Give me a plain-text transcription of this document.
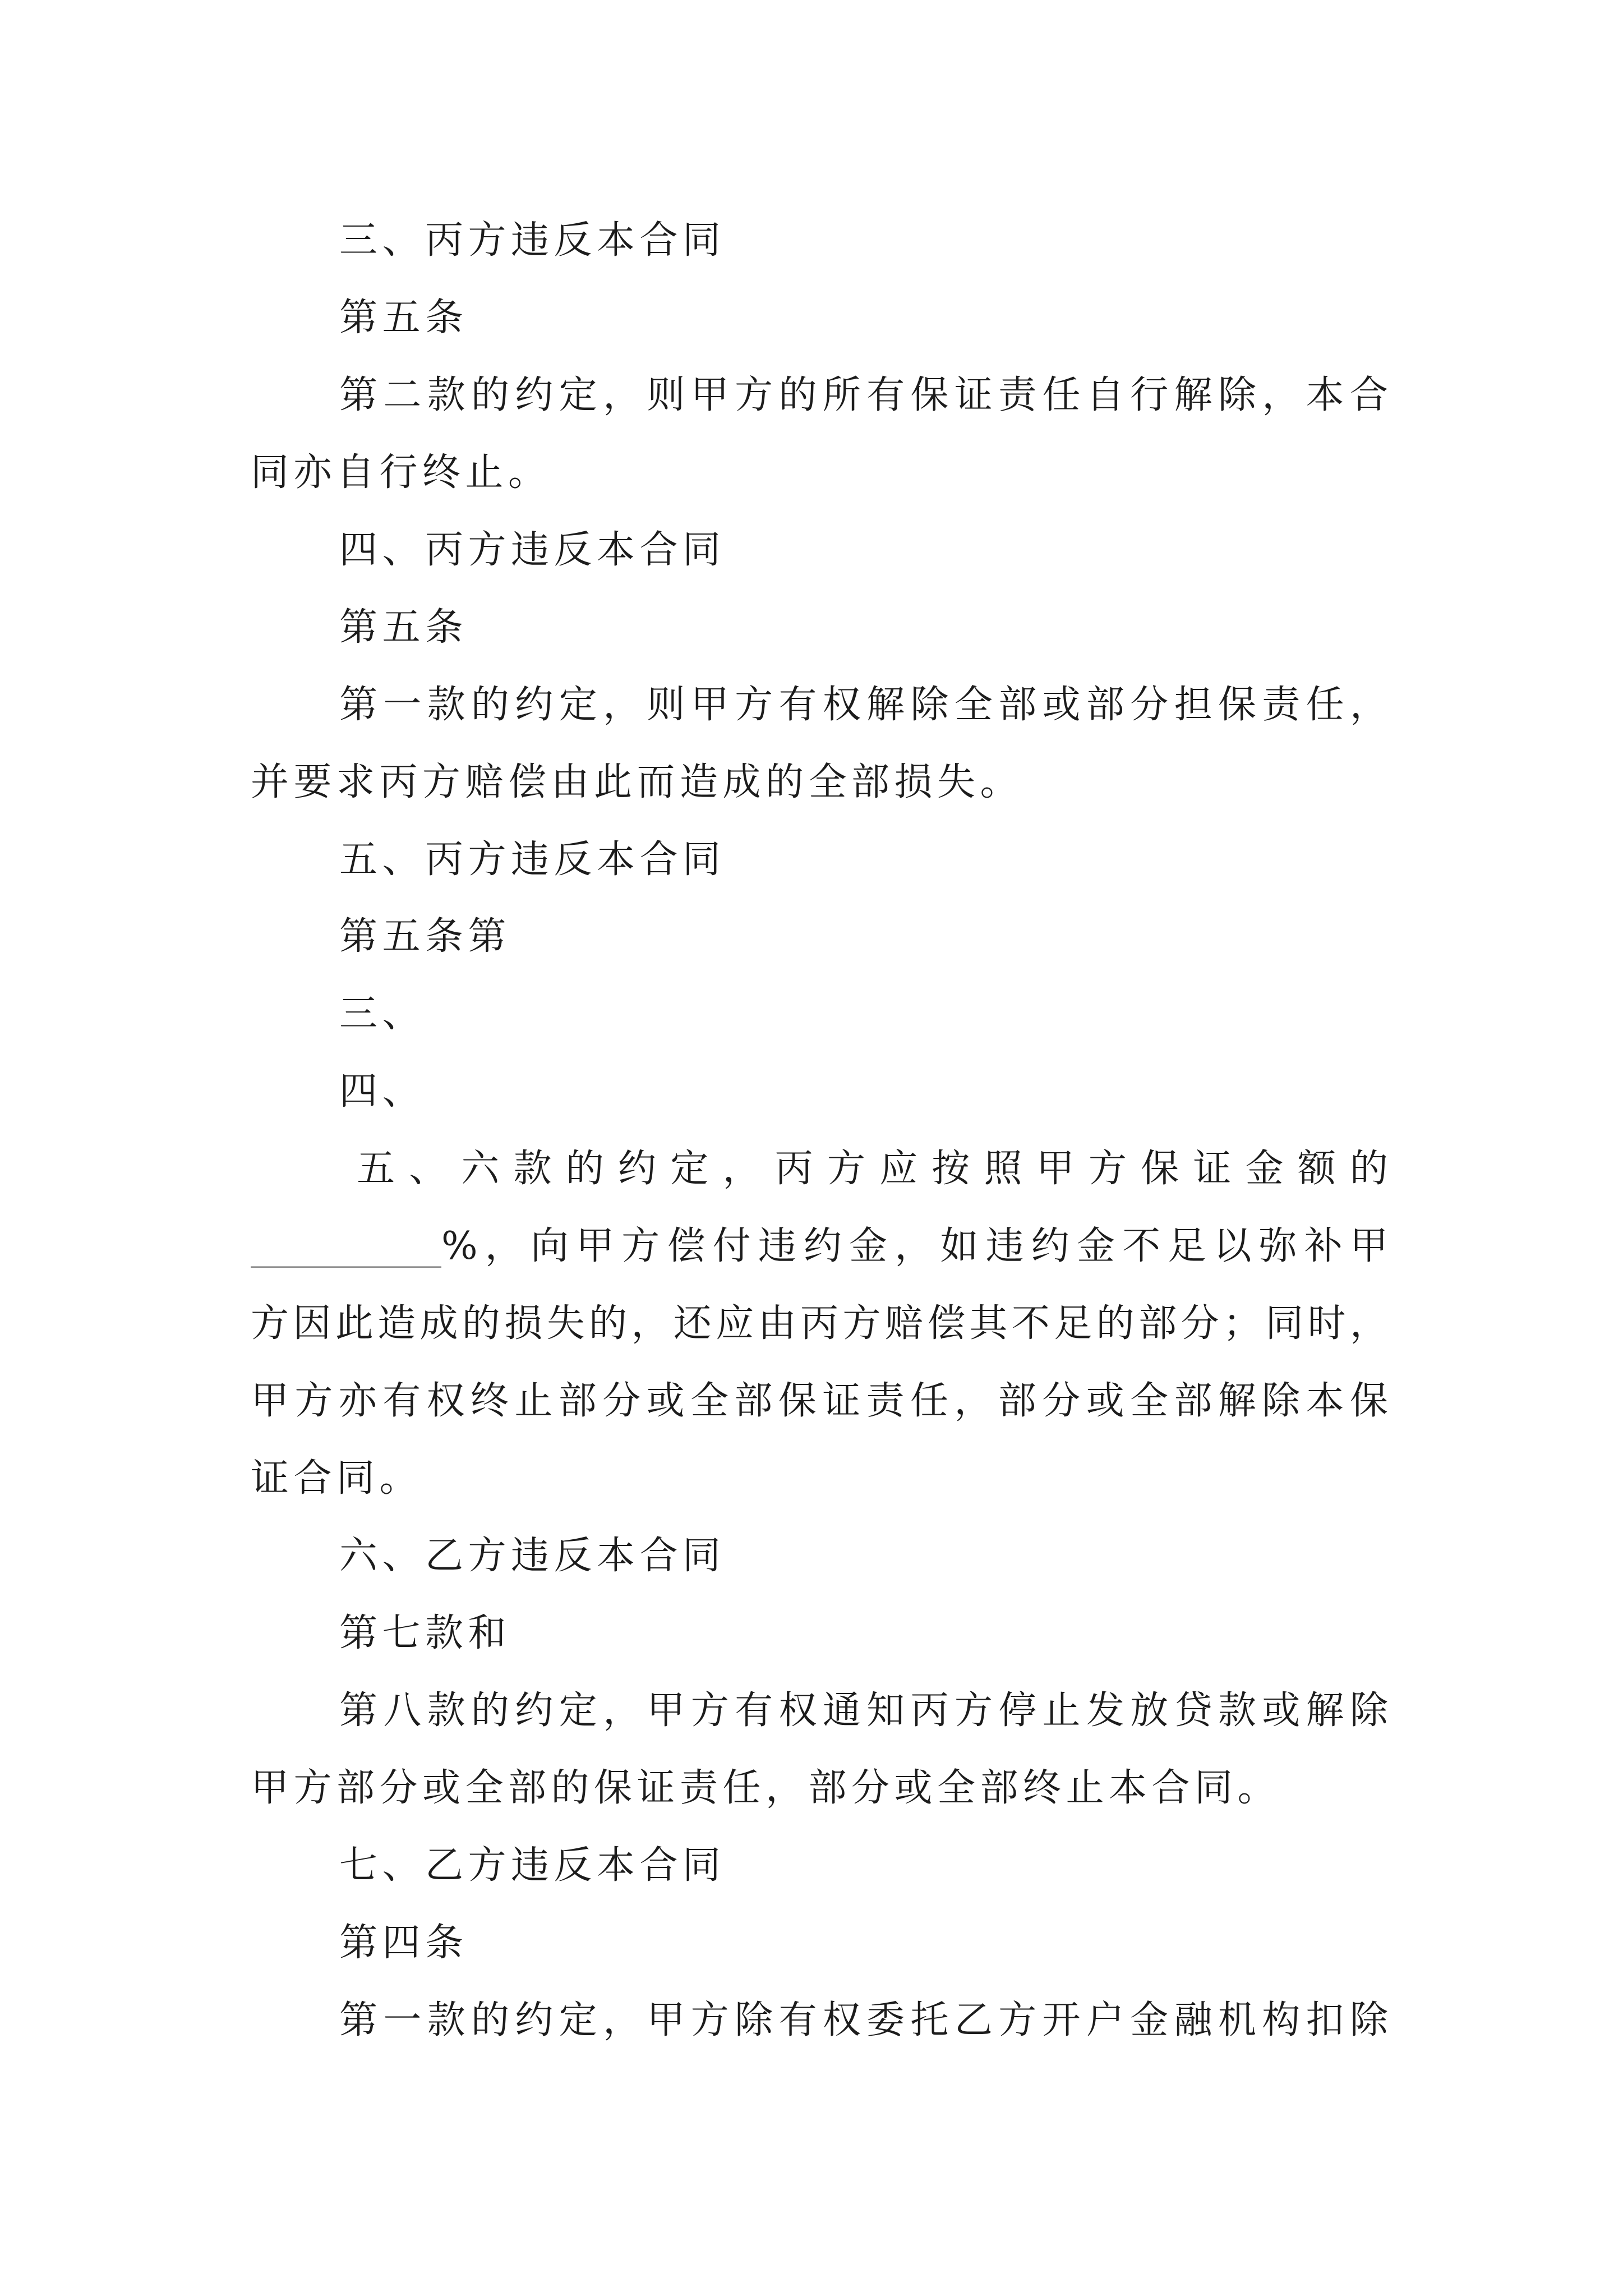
三、丙方违反本合同
第五条
第二款的约定，则甲方的所有保证责任自行解除，本合
同亦自行终止。
四、丙方违反本合同
第五条
第一款的约定，则甲方有权解除全部或部分担保责任，
并要求丙方赔偿由此而造成的全部损失。
五、丙方违反本合同
第五条第
三、
四、
五、六款的约定，丙方应按照甲方保证金额的
__________%，向甲方偿付违约金，如违约金不足以弥补甲
方因此造成的损失的，还应由丙方赔偿其不足的部分；同时，
甲方亦有权终止部分或全部保证责任，部分或全部解除本保
证合同。
六、乙方违反本合同
第七款和
第八款的约定，甲方有权通知丙方停止发放贷款或解除
甲方部分或全部的保证责任，部分或全部终止本合同。
七、乙方违反本合同
第四条
第一款的约定，甲方除有权委托乙方开户金融机构扣除
